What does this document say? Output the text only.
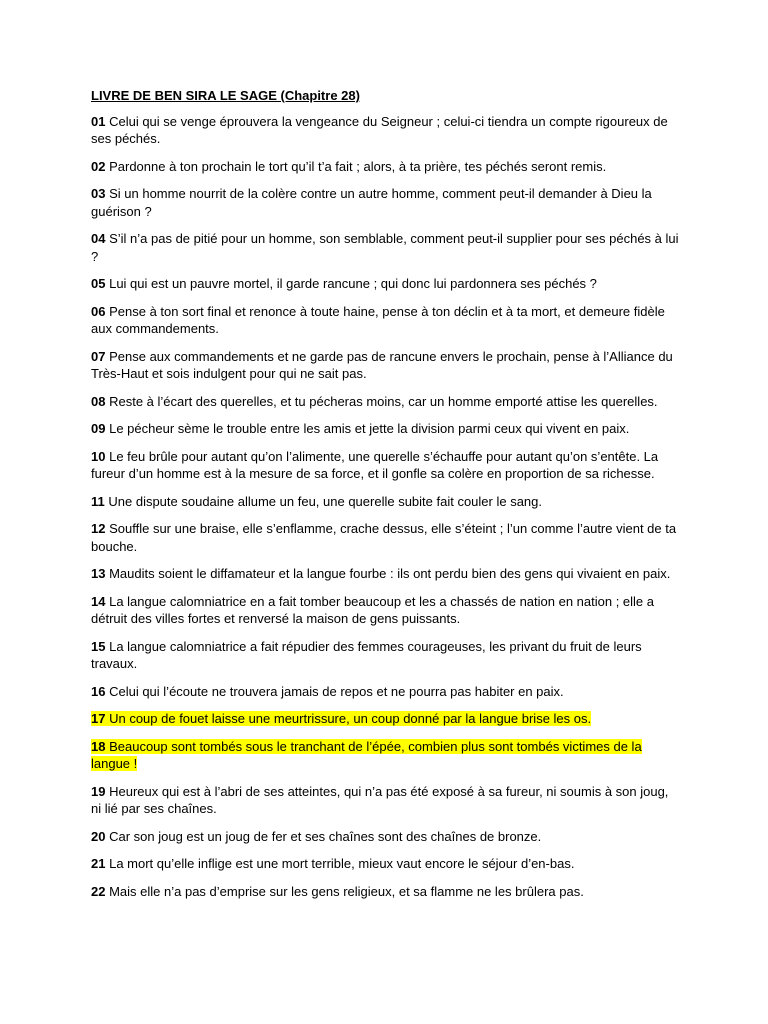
LIVRE DE BEN SIRA LE SAGE (Chapitre 28)

01 Celui qui se venge éprouvera la vengeance du Seigneur ; celui-ci tiendra un compte rigoureux de ses péchés.

02 Pardonne à ton prochain le tort qu’il t’a fait ; alors, à ta prière, tes péchés seront remis.

03 Si un homme nourrit de la colère contre un autre homme, comment peut-il demander à Dieu la guérison ?

04 S’il n’a pas de pitié pour un homme, son semblable, comment peut-il supplier pour ses péchés à lui ?

05 Lui qui est un pauvre mortel, il garde rancune ; qui donc lui pardonnera ses péchés ?

06 Pense à ton sort final et renonce à toute haine, pense à ton déclin et à ta mort, et demeure fidèle aux commandements.

07 Pense aux commandements et ne garde pas de rancune envers le prochain, pense à l’Alliance du Très-Haut et sois indulgent pour qui ne sait pas.

08 Reste à l’écart des querelles, et tu pécheras moins, car un homme emporté attise les querelles.

09 Le pécheur sème le trouble entre les amis et jette la division parmi ceux qui vivent en paix.

10 Le feu brûle pour autant qu’on l’alimente, une querelle s’échauffe pour autant qu’on s’entête. La fureur d’un homme est à la mesure de sa force, et il gonfle sa colère en proportion de sa richesse.

11 Une dispute soudaine allume un feu, une querelle subite fait couler le sang.

12 Souffle sur une braise, elle s’enflamme, crache dessus, elle s’éteint ; l’un comme l’autre vient de ta bouche.

13 Maudits soient le diffamateur et la langue fourbe : ils ont perdu bien des gens qui vivaient en paix.

14 La langue calomniatrice en a fait tomber beaucoup et les a chassés de nation en nation ; elle a détruit des villes fortes et renversé la maison de gens puissants.

15 La langue calomniatrice a fait répudier des femmes courageuses, les privant du fruit de leurs travaux.

16 Celui qui l’écoute ne trouvera jamais de repos et ne pourra pas habiter en paix.

17 Un coup de fouet laisse une meurtrissure, un coup donné par la langue brise les os.

18 Beaucoup sont tombés sous le tranchant de l’épée, combien plus sont tombés victimes de la langue !

19 Heureux qui est à l’abri de ses atteintes, qui n’a pas été exposé à sa fureur, ni soumis à son joug, ni lié par ses chaînes.

20 Car son joug est un joug de fer et ses chaînes sont des chaînes de bronze.

21 La mort qu’elle inflige est une mort terrible, mieux vaut encore le séjour d’en-bas.

22 Mais elle n’a pas d’emprise sur les gens religieux, et sa flamme ne les brûlera pas.
